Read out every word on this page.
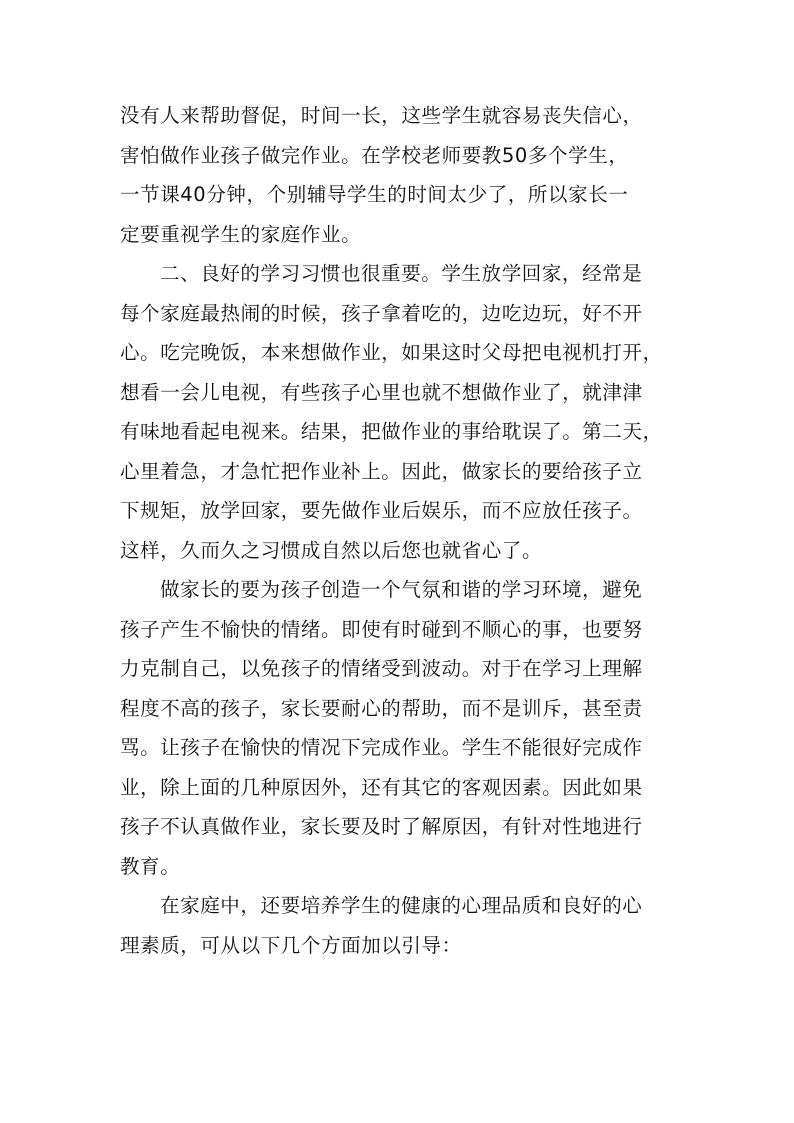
没有人来帮助督促，时间一长，这些学生就容易丧失信心，
害怕做作业孩子做完作业。在学校老师要教50多个学生，
一节课40分钟，个别辅导学生的时间太少了，所以家长一
定要重视学生的家庭作业。

二、良好的学习习惯也很重要。学生放学回家，经常是
每个家庭最热闹的时候，孩子拿着吃的，边吃边玩，好不开
心。吃完晚饭，本来想做作业，如果这时父母把电视机打开，
想看一会儿电视，有些孩子心里也就不想做作业了，就津津
有味地看起电视来。结果，把做作业的事给耽误了。第二天，
心里着急，才急忙把作业补上。因此，做家长的要给孩子立
下规矩，放学回家，要先做作业后娱乐，而不应放任孩子。
这样，久而久之习惯成自然以后您也就省心了。

做家长的要为孩子创造一个气氛和谐的学习环境，避免
孩子产生不愉快的情绪。即使有时碰到不顺心的事，也要努
力克制自己，以免孩子的情绪受到波动。对于在学习上理解
程度不高的孩子，家长要耐心的帮助，而不是训斥，甚至责
骂。让孩子在愉快的情况下完成作业。学生不能很好完成作
业，除上面的几种原因外，还有其它的客观因素。因此如果
孩子不认真做作业，家长要及时了解原因，有针对性地进行
教育。

在家庭中，还要培养学生的健康的心理品质和良好的心
理素质，可从以下几个方面加以引导：
